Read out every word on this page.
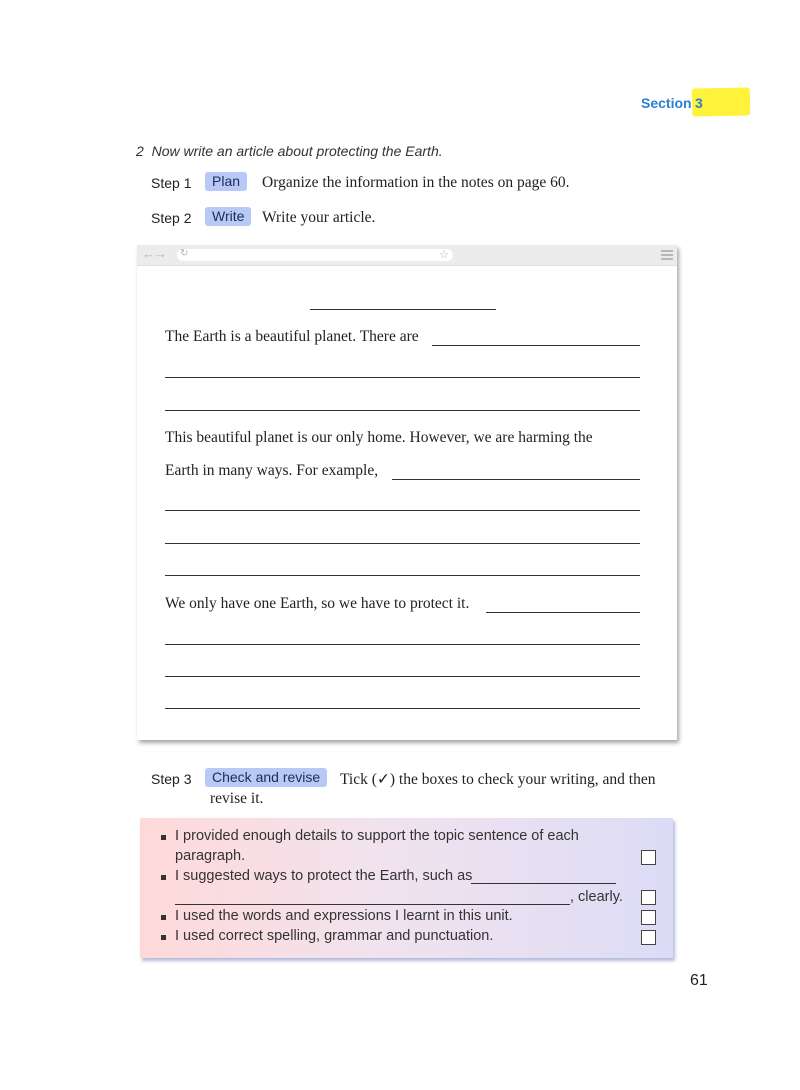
Section 3
2 Now write an article about protecting the Earth.
Step 1	Plan	Organize the information in the notes on page 60.
Step 2	Write	Write your article.
←→ ↻	☆
The Earth is a beautiful planet. There are
This beautiful planet is our only home. However, we are harming the
Earth in many ways. For example,
We only have one Earth, so we have to protect it.
Step 3	Check and revise	Tick (✓) the boxes to check your writing, and then
revise it.
I provided enough details to support the topic sentence of each
paragraph.
I suggested ways to protect the Earth, such as
, clearly.
I used the words and expressions I learnt in this unit.
I used correct spelling, grammar and punctuation.
61
